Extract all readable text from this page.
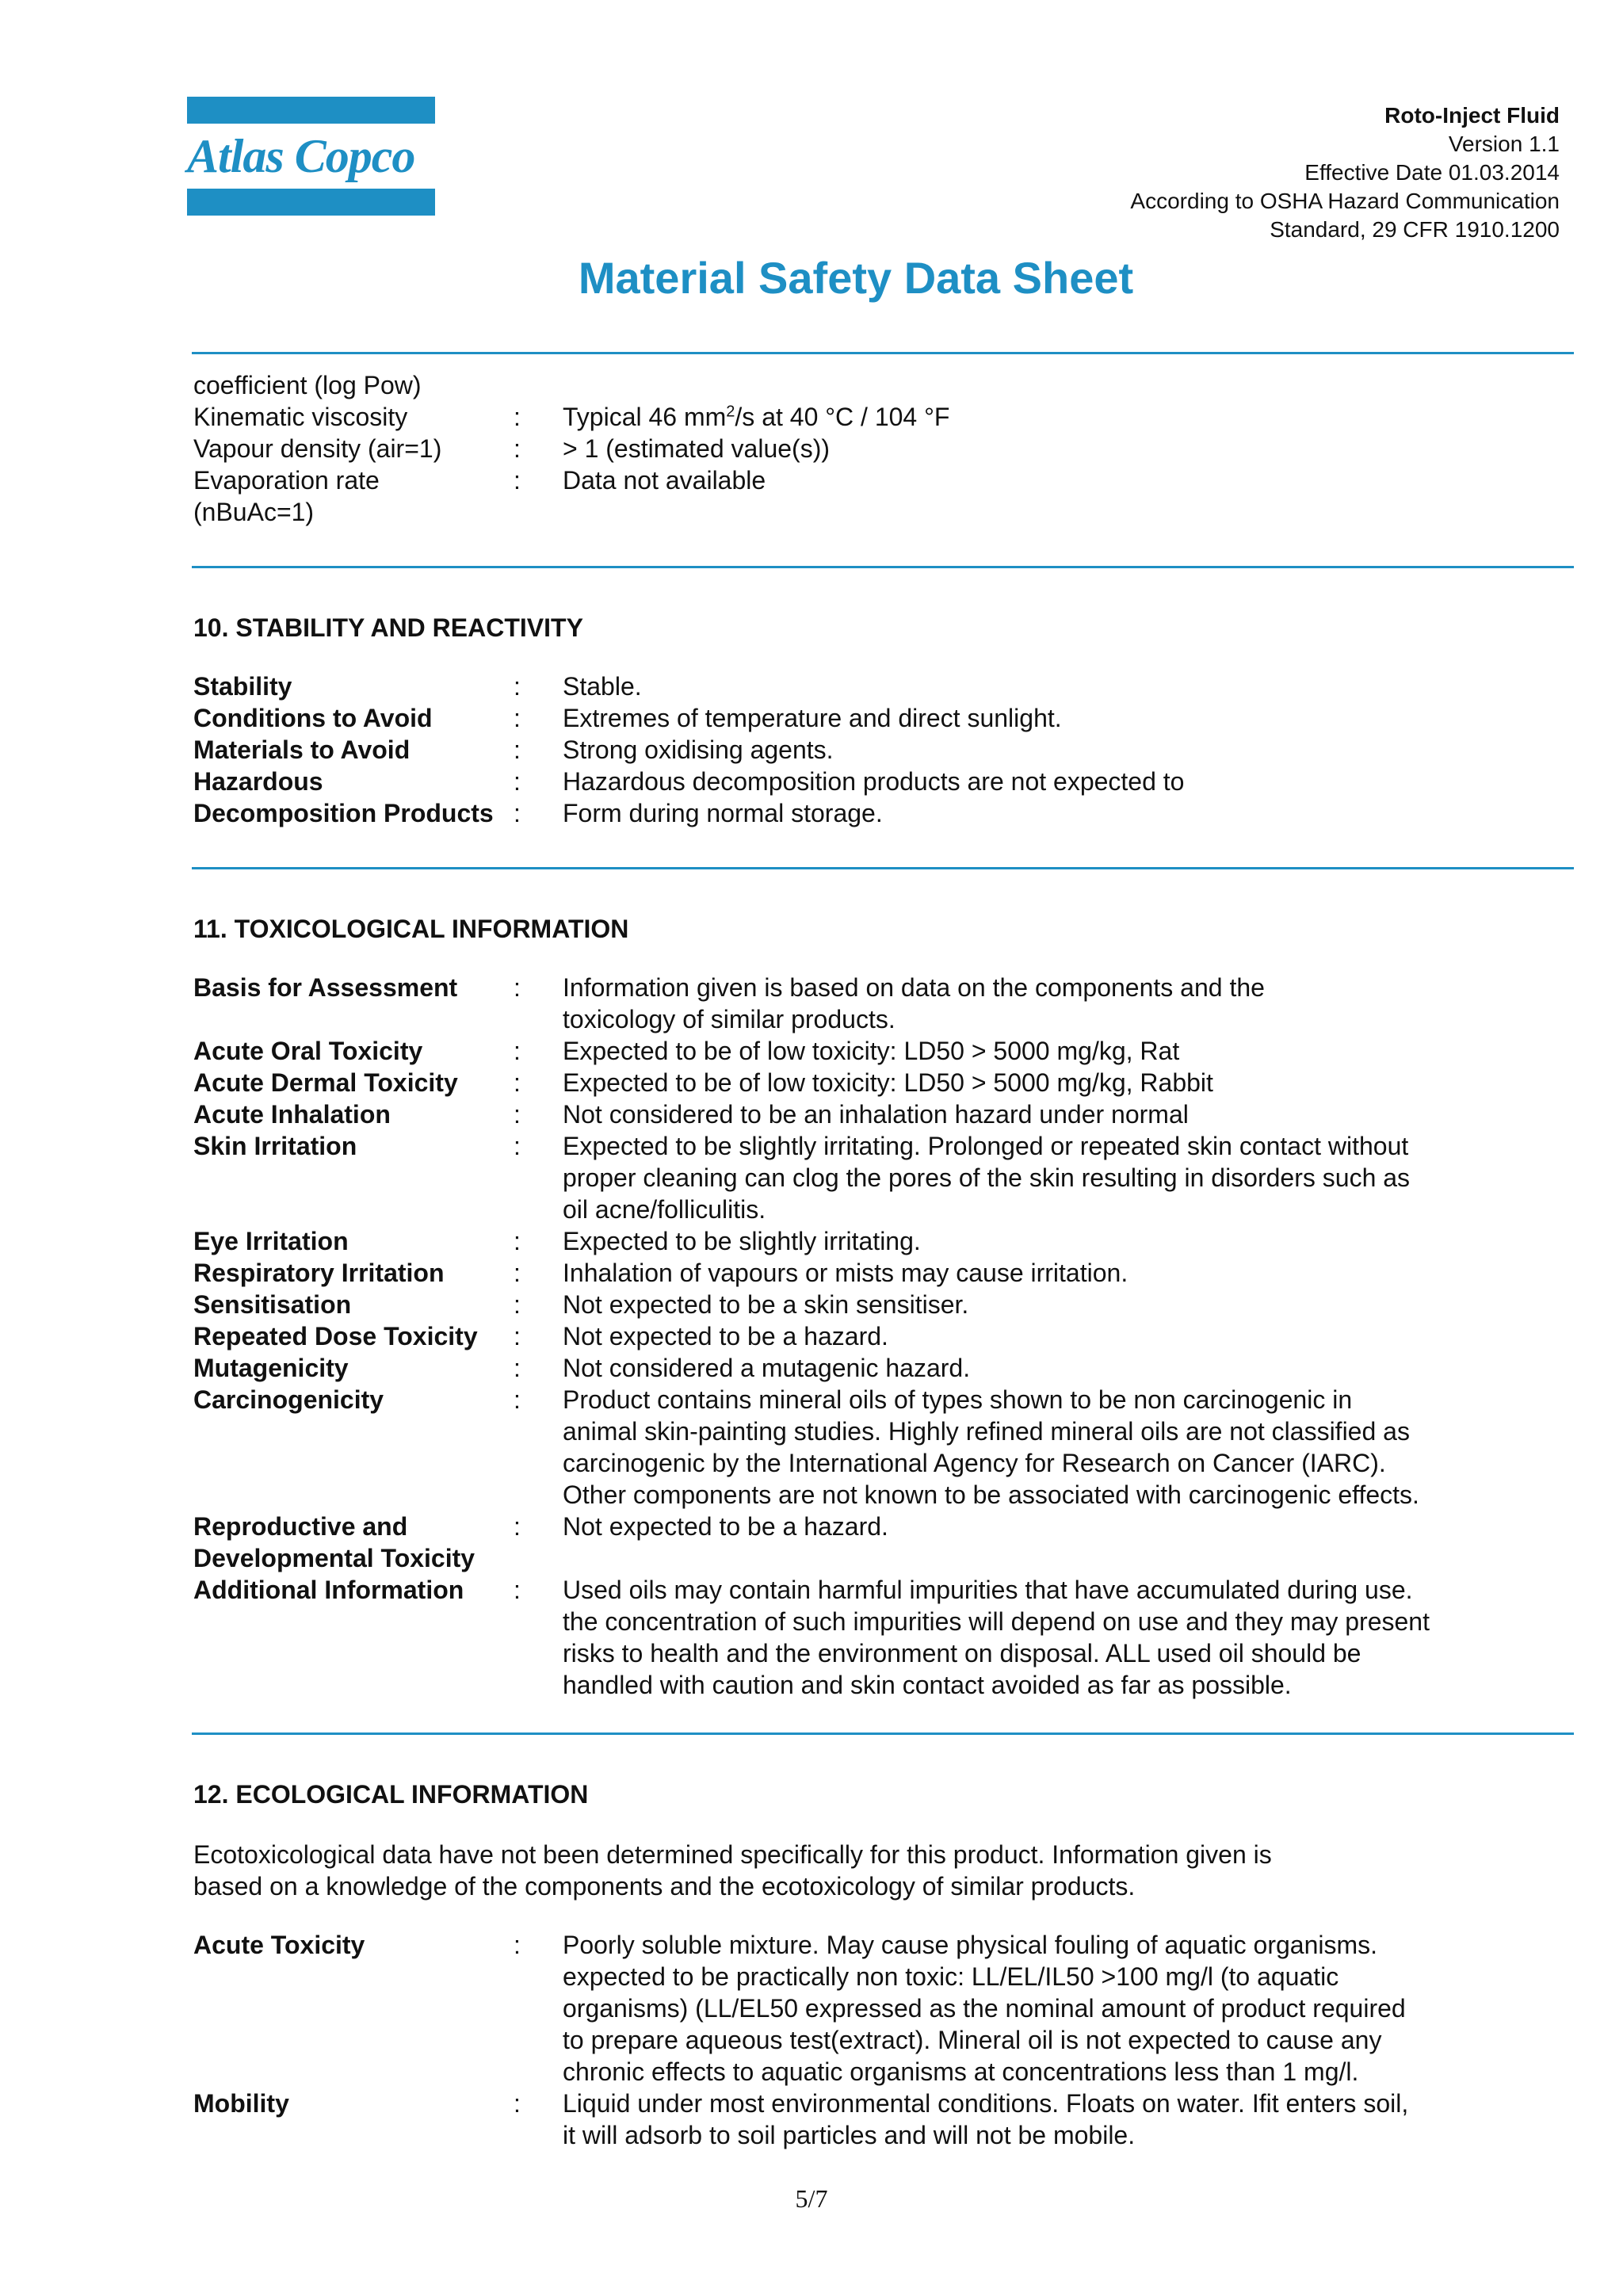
Atlas Copco
Roto-Inject Fluid
Version 1.1
Effective Date 01.03.2014
According to OSHA Hazard Communication
Standard, 29 CFR 1910.1200
Material Safety Data Sheet
coefficient (log Pow)
Kinematic viscosity	: Typical 46 $mm^2/s$ at 40 °C / 104 °F
Vapour density (air=1)	: > 1 (estimated value(s))
Evaporation rate	: Data not available
(nBuAc=1)
10. STABILITY AND REACTIVITY
Stability	: Stable.
Conditions to Avoid	: Extremes of temperature and direct sunlight.
Materials to Avoid	: Strong oxidising agents.
Hazardous	: Hazardous decomposition products are not expected to
Decomposition Products : Form during normal storage.
11. TOXICOLOGICAL INFORMATION
Basis for Assessment : Information given is based on data on the components and the
toxicology of similar products.
Acute Oral Toxicity	: Expected to be of low toxicity: LD50 > 5000 mg/kg, Rat
Acute Dermal Toxicity : Expected to be of low toxicity: LD50 > 5000 mg/kg, Rabbit
Acute Inhalation	: Not considered to be an inhalation hazard under normal
Skin Irritation	: Expected to be slightly irritating. Prolonged or repeated skin contact without
proper cleaning can clog the pores of the skin resulting in disorders such as
oil acne/folliculitis.
Eye Irritation	: Expected to be slightly irritating.
Respiratory Irritation	: Inhalation of vapours or mists may cause irritation.
Sensitisation	: Not expected to be a skin sensitiser.
Repeated Dose Toxicity : Not expected to be a hazard.
Mutagenicity	: Not considered a mutagenic hazard.
Carcinogenicity	: Product contains mineral oils of types shown to be non carcinogenic in
animal skin-painting studies. Highly refined mineral oils are not classified as
carcinogenic by the International Agency for Research on Cancer (IARC).
Other components are not known to be associated with carcinogenic effects.
Reproductive and	: Not expected to be a hazard.
Developmental Toxicity
Additional Information : Used oils may contain harmful impurities that have accumulated during use.
the concentration of such impurities will depend on use and they may present
risks to health and the environment on disposal. ALL used oil should be
handled with caution and skin contact avoided as far as possible.
12. ECOLOGICAL INFORMATION
Ecotoxicological data have not been determined specifically for this product. Information given is
based on a knowledge of the components and the ecotoxicology of similar products.
Acute Toxicity	: Poorly soluble mixture. May cause physical fouling of aquatic organisms.
expected to be practically non toxic: LL/EL/IL50 >100 mg/l (to aquatic
organisms) (LL/EL50 expressed as the nominal amount of product required
to prepare aqueous test(extract). Mineral oil is not expected to cause any
chronic effects to aquatic organisms at concentrations less than 1 mg/l.
Mobility	: Liquid under most environmental conditions. Floats on water. Ifit enters soil,
it will adsorb to soil particles and will not be mobile.
5/7
